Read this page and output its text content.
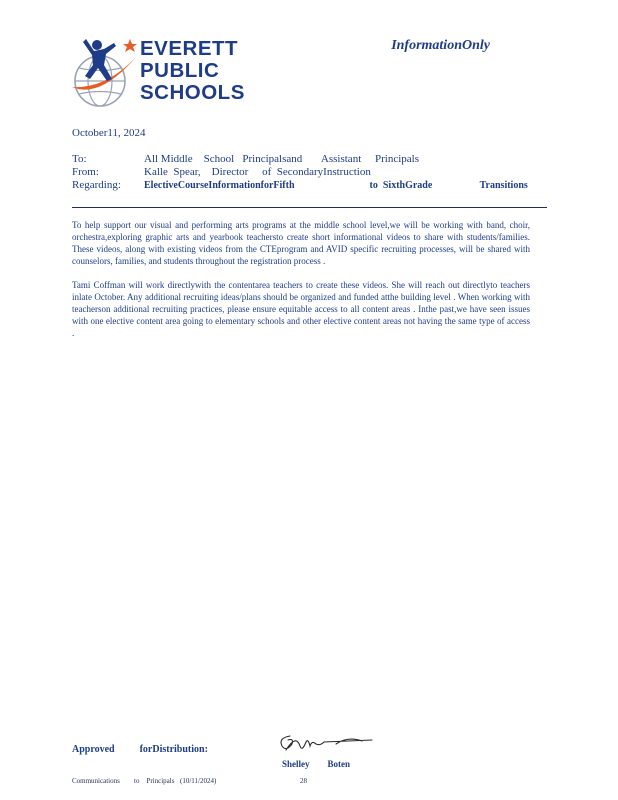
EVERETT
PUBLIC
SCHOOLS
InformationOnly
October11, 2024
To:	All Middle    School   Principalsand       Assistant     Principals
From:	Kalle  Spear,    Director     of  SecondaryInstruction
Regarding:	ElectiveCourseInformationforFifth                              to  SixthGrade                   Transitions

To help support our visual and performing arts programs at the middle school level,we will be working with band, choir, orchestra,exploring graphic arts and yearbook teachersto create short informational videos to share with students/families. These videos, along with existing videos from the CTEprogram and AVID specific recruiting processes, will be shared with counselors, families, and students throughout the registration process .

Tami Coffman will work directlywith the contentarea teachers to create these videos. She will reach out directlyto teachers inlate October. Any additional recruiting ideas/plans should be organized and funded atthe building level . When working with teacherson additional recruiting practices, please ensure equitable access to all content areas . Inthe past,we have seen issues with one elective content area going to elementary schools and other elective content areas not having the same type of access .

Approved          forDistribution:
Shelley        Boten
Communications	to    Principals (10/11/2024)	28
